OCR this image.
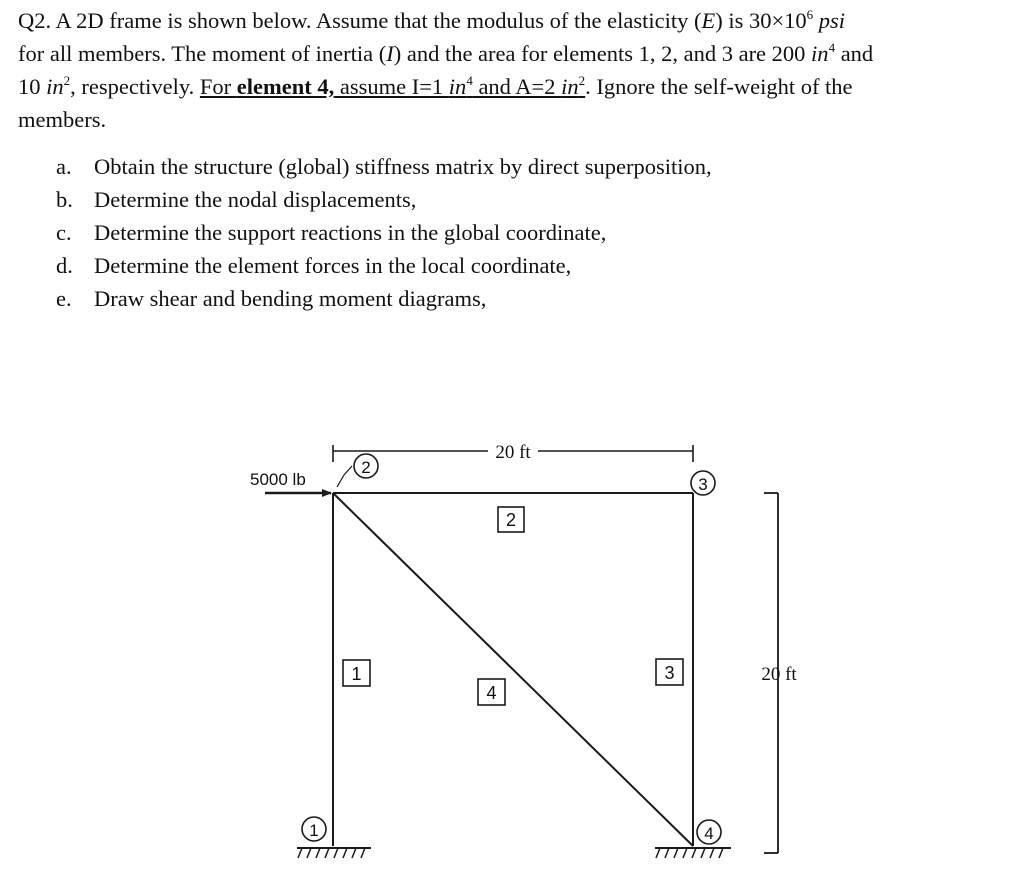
Q2. A 2D frame is shown below. Assume that the modulus of the elasticity (E) is $30\times 10^6$ psi

for all members. The moment of inertia (I) and the area for elements 1, 2, and 3 are 200 $in^4$ and

10 $in^2$, respectively. For element 4, assume I=1 $in^4$ and A=2 $in^2$. Ignore the self-weight of the

members.

a. Obtain the structure (global) stiffness matrix by direct superposition,
b. Determine the nodal displacements,
c. Determine the support reactions in the global coordinate,
d. Determine the element forces in the local coordinate,
e. Draw shear and bending moment diagrams,
20 ft
20 ft
5000 lb
1
2
3
4
1
2
3
4
